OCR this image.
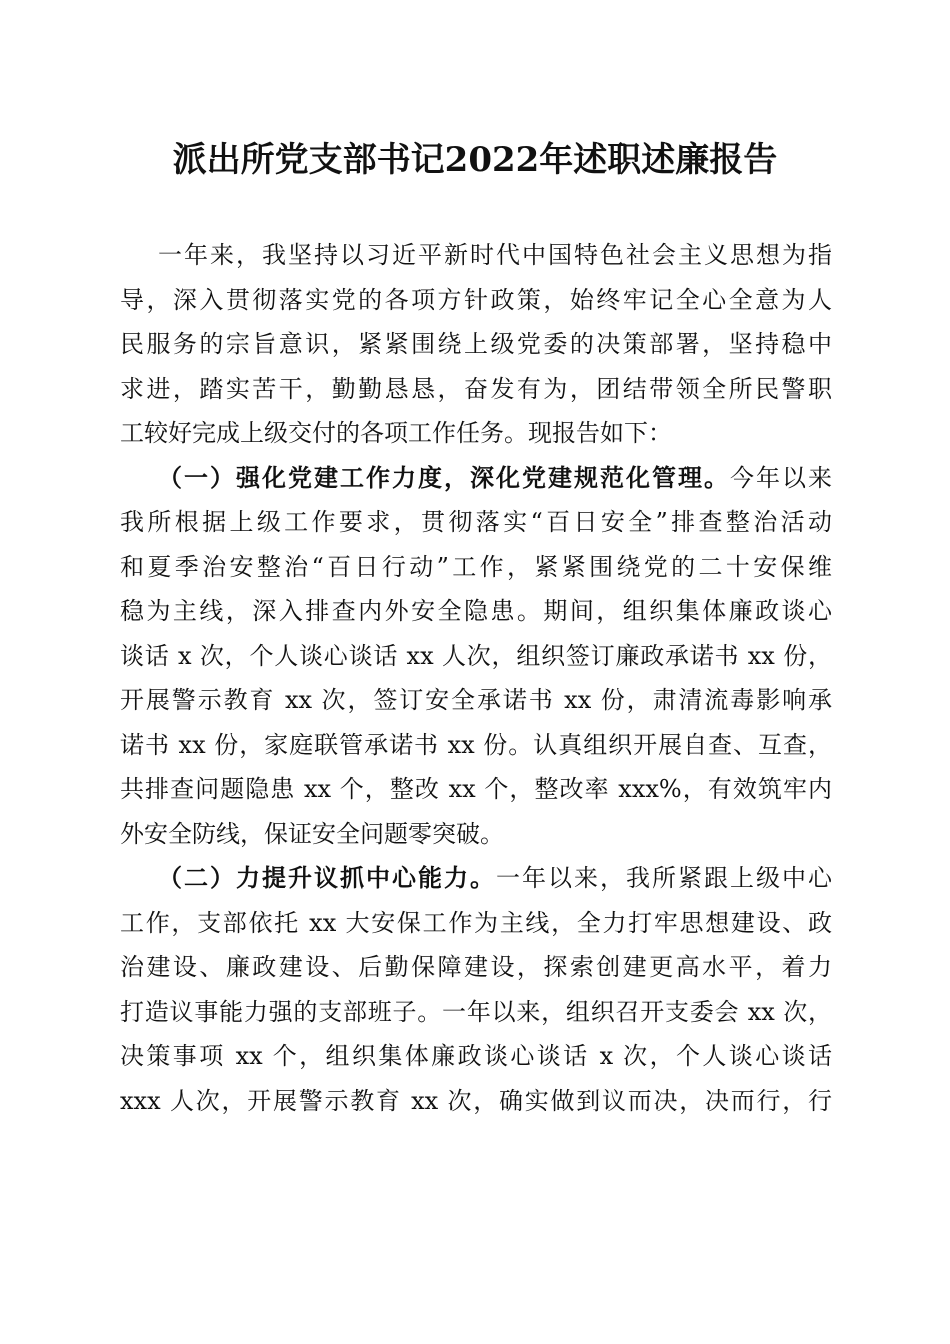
派出所党支部书记2022年述职述廉报告
一年来，我坚持以习近平新时代中国特色社会主义思想为指
导，深入贯彻落实党的各项方针政策，始终牢记全心全意为人
民服务的宗旨意识，紧紧围绕上级党委的决策部署，坚持稳中
求进，踏实苦干，勤勤恳恳，奋发有为，团结带领全所民警职
工较好完成上级交付的各项工作任务。现报告如下：
（一）强化党建工作力度，深化党建规范化管理。今年以来
我所根据上级工作要求，贯彻落实“百日安全”排查整治活动
和夏季治安整治“百日行动”工作，紧紧围绕党的二十安保维
稳为主线，深入排查内外安全隐患。期间，组织集体廉政谈心
谈话 x 次，个人谈心谈话 xx 人次，组织签订廉政承诺书 xx 份，
开展警示教育 xx 次，签订安全承诺书 xx 份，肃清流毒影响承
诺书 xx 份，家庭联管承诺书 xx 份。认真组织开展自查、互查，
共排查问题隐患 xx 个，整改 xx 个，整改率 xxx%，有效筑牢内
外安全防线，保证安全问题零突破。
（二）力提升议抓中心能力。一年以来，我所紧跟上级中心
工作，支部依托 xx 大安保工作为主线，全力打牢思想建设、政
治建设、廉政建设、后勤保障建设，探索创建更高水平，着力
打造议事能力强的支部班子。一年以来，组织召开支委会 xx 次，
决策事项 xx 个，组织集体廉政谈心谈话 x 次，个人谈心谈话
xxx 人次，开展警示教育 xx 次，确实做到议而决，决而行，行
